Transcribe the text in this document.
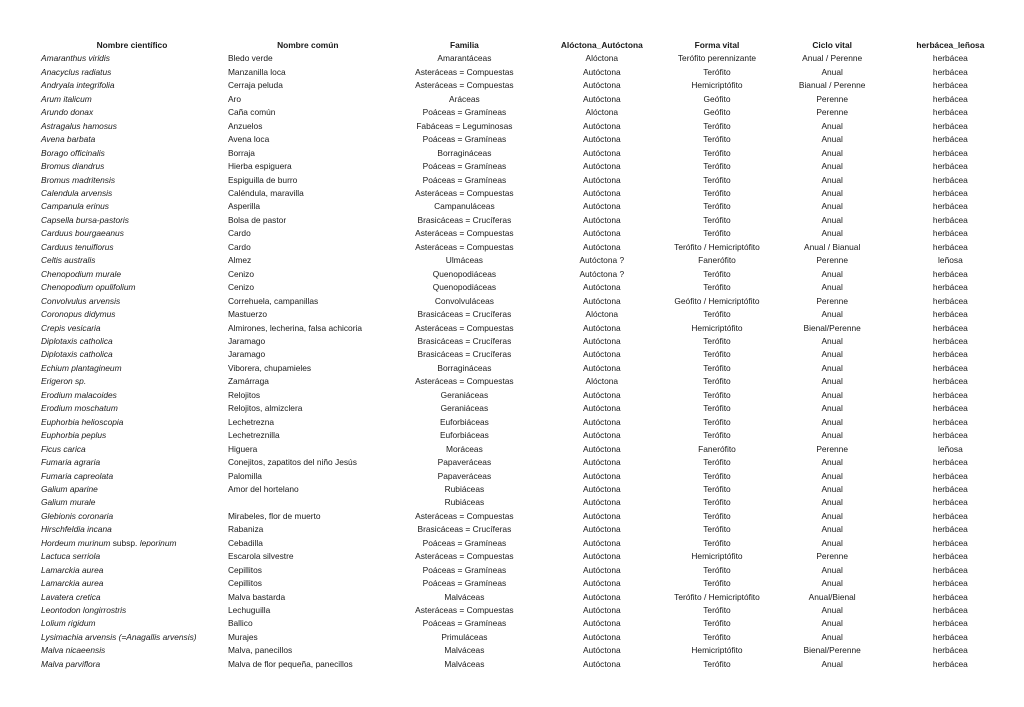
Nombre científico	Nombre común	Familia	Alóctona_Autóctona	Forma vital	Ciclo vital	herbácea_leñosa
Amaranthus viridis	Bledo verde	Amarantáceas	Alóctona	Terófito perennizante	Anual / Perenne	herbácea
Anacyclus radiatus	Manzanilla loca	Asteráceas = Compuestas	Autóctona	Terófito	Anual	herbácea
Andryala integrifolia	Cerraja peluda	Asteráceas = Compuestas	Autóctona	Hemicriptófito	Bianual / Perenne	herbácea
Arum italicum	Aro	Aráceas	Autóctona	Geófito	Perenne	herbácea
Arundo donax	Caña común	Poáceas = Gramíneas	Alóctona	Geófito	Perenne	herbácea
Astragalus hamosus	Anzuelos	Fabáceas = Leguminosas	Autóctona	Terófito	Anual	herbácea
Avena barbata	Avena loca	Poáceas = Gramíneas	Autóctona	Terófito	Anual	herbácea
Borago officinalis	Borraja	Borragináceas	Autóctona	Terófito	Anual	herbácea
Bromus diandrus	Hierba espiguera	Poáceas = Gramíneas	Autóctona	Terófito	Anual	herbácea
Bromus madritensis	Espiguilla de burro	Poáceas = Gramíneas	Autóctona	Terófito	Anual	herbácea
Calendula arvensis	Caléndula, maravilla	Asteráceas = Compuestas	Autóctona	Terófito	Anual	herbácea
Campanula erinus	Asperilla	Campanuláceas	Autóctona	Terófito	Anual	herbácea
Capsella bursa-pastoris	Bolsa de pastor	Brasicáceas = Crucíferas	Autóctona	Terófito	Anual	herbácea
Carduus bourgaeanus	Cardo	Asteráceas = Compuestas	Autóctona	Terófito	Anual	herbácea
Carduus tenuiflorus	Cardo	Asteráceas = Compuestas	Autóctona	Terófito / Hemicriptófito	Anual / Bianual	herbácea
Celtis australis	Almez	Ulmáceas	Autóctona ?	Fanerófito	Perenne	leñosa
Chenopodium murale	Cenizo	Quenopodiáceas	Autóctona ?	Terófito	Anual	herbácea
Chenopodium opulifolium	Cenizo	Quenopodiáceas	Autóctona	Terófito	Anual	herbácea
Convolvulus arvensis	Correhuela, campanillas	Convolvuláceas	Autóctona	Geófito / Hemicriptófito	Perenne	herbácea
Coronopus didymus	Mastuerzo	Brasicáceas = Crucíferas	Alóctona	Terófito	Anual	herbácea
Crepis vesicaria	Almirones, lecherina, falsa achicoria	Asteráceas = Compuestas	Autóctona	Hemicriptófito	Bienal/Perenne	herbácea
Diplotaxis catholica	Jaramago	Brasicáceas = Crucíferas	Autóctona	Terófito	Anual	herbácea
Diplotaxis catholica	Jaramago	Brasicáceas = Crucíferas	Autóctona	Terófito	Anual	herbácea
Echium plantagineum	Viborera, chupamieles	Borragináceas	Autóctona	Terófito	Anual	herbácea
Erigeron sp.	Zamárraga	Asteráceas = Compuestas	Alóctona	Terófito	Anual	herbácea
Erodium malacoides	Relojitos	Geraniáceas	Autóctona	Terófito	Anual	herbácea
Erodium moschatum	Relojitos, almizclera	Geraniáceas	Autóctona	Terófito	Anual	herbácea
Euphorbia helioscopia	Lechetrezna	Euforbiáceas	Autóctona	Terófito	Anual	herbácea
Euphorbia peplus	Lechetreznilla	Euforbiáceas	Autóctona	Terófito	Anual	herbácea
Ficus carica	Higuera	Moráceas	Autóctona	Fanerófito	Perenne	leñosa
Fumaria agraria	Conejitos, zapatitos del niño Jesús	Papaveráceas	Autóctona	Terófito	Anual	herbácea
Fumaria capreolata	Palomilla	Papaveráceas	Autóctona	Terófito	Anual	herbácea
Galium aparine	Amor del hortelano	Rubiáceas	Autóctona	Terófito	Anual	herbácea
Galium murale		Rubiáceas	Autóctona	Terófito	Anual	herbácea
Glebionis coronaria	Mirabeles, flor de muerto	Asteráceas = Compuestas	Autóctona	Terófito	Anual	herbácea
Hirschfeldia incana	Rabaniza	Brasicáceas = Crucíferas	Autóctona	Terófito	Anual	herbácea
Hordeum murinum subsp. leporinum	Cebadilla	Poáceas = Gramíneas	Autóctona	Terófito	Anual	herbácea
Lactuca serriola	Escarola silvestre	Asteráceas = Compuestas	Autóctona	Hemicriptófito	Perenne	herbácea
Lamarckia aurea	Cepillitos	Poáceas = Gramíneas	Autóctona	Terófito	Anual	herbácea
Lamarckia aurea	Cepillitos	Poáceas = Gramíneas	Autóctona	Terófito	Anual	herbácea
Lavatera cretica	Malva bastarda	Malváceas	Autóctona	Terófito / Hemicriptófito	Anual/Bienal	herbácea
Leontodon longirrostris	Lechuguilla	Asteráceas = Compuestas	Autóctona	Terófito	Anual	herbácea
Lolium rigidum	Ballico	Poáceas = Gramíneas	Autóctona	Terófito	Anual	herbácea
Lysimachia arvensis (=Anagallis arvensis)	Murajes	Primuláceas	Autóctona	Terófito	Anual	herbácea
Malva nicaeensis	Malva, panecillos	Malváceas	Autóctona	Hemicriptófito	Bienal/Perenne	herbácea
Malva parviflora	Malva de flor pequeña, panecillos	Malváceas	Autóctona	Terófito	Anual	herbácea
